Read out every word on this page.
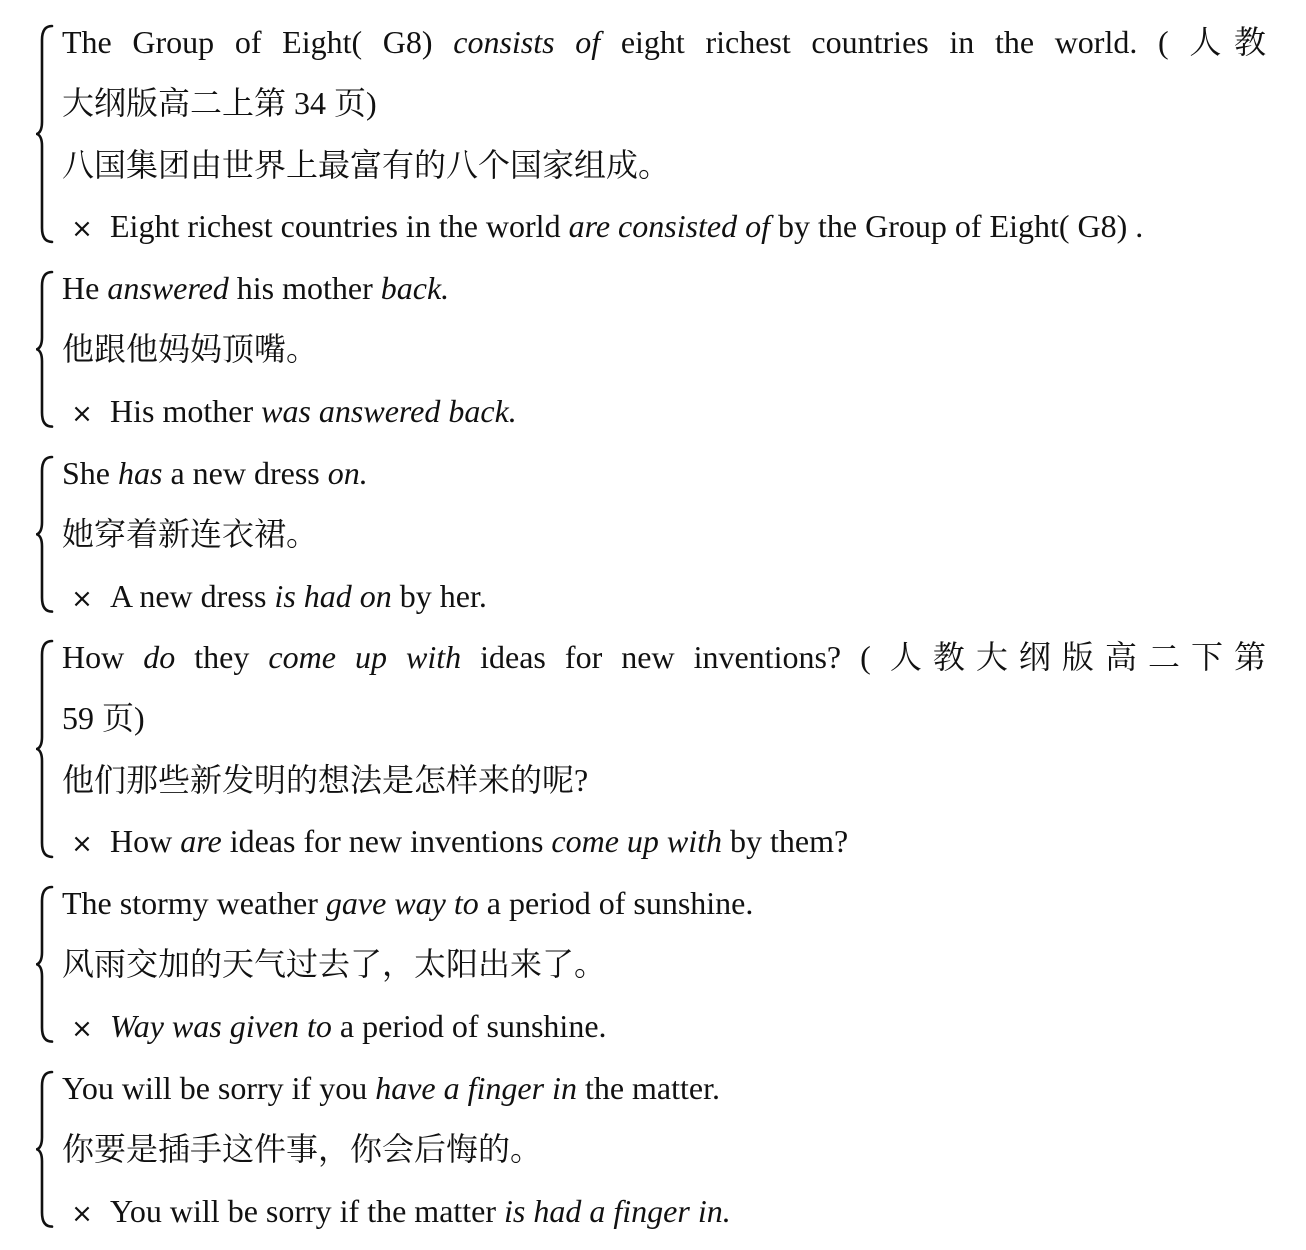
The Group of Eight( G8) consists of eight richest countries in the world. ( 人教
大纲版高二上第 34 页)
八国集团由世界上最富有的八个国家组成。
× Eight richest countries in the world are consisted of by the Group of Eight( G8) .
He answered his mother back.
他跟他妈妈顶嘴。
× His mother was answered back.
She has a new dress on.
她穿着新连衣裙。
× A new dress is had on by her.
How do they come up with ideas for new inventions? ( 人教大纲版高二下第
59 页)
他们那些新发明的想法是怎样来的呢?
× How are ideas for new inventions come up with by them?
The stormy weather gave way to a period of sunshine.
风雨交加的天气过去了，太阳出来了。
× Way was given to a period of sunshine.
You will be sorry if you have a finger in the matter.
你要是插手这件事，你会后悔的。
× You will be sorry if the matter is had a finger in.
